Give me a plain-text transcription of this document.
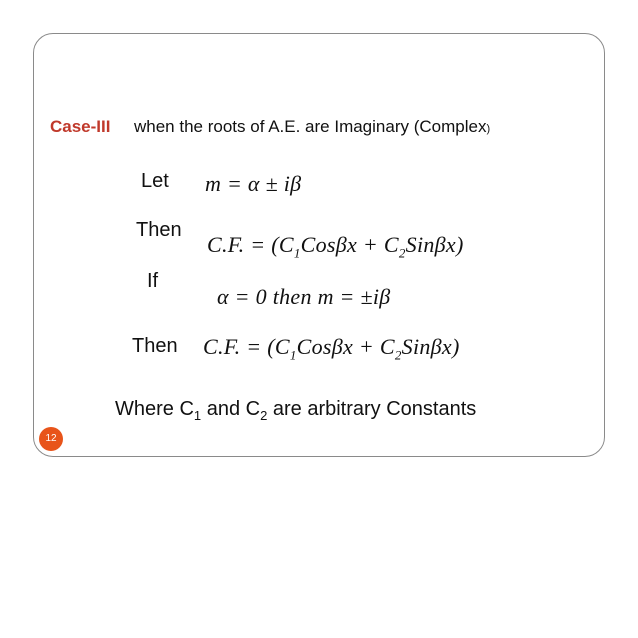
Case-III when the roots of A.E. are Imaginary (Complex)
Let m = α ± iβ
Then
C.F. = $(C_1Cos\beta x + C_2Sin\beta x)$
If
α = 0 then m = ±iβ
Then C.F. = $(C_1Cos\beta x + C_2Sin\beta x)$
Where $C_1$ and $C_2$ are arbitrary Constants
12
